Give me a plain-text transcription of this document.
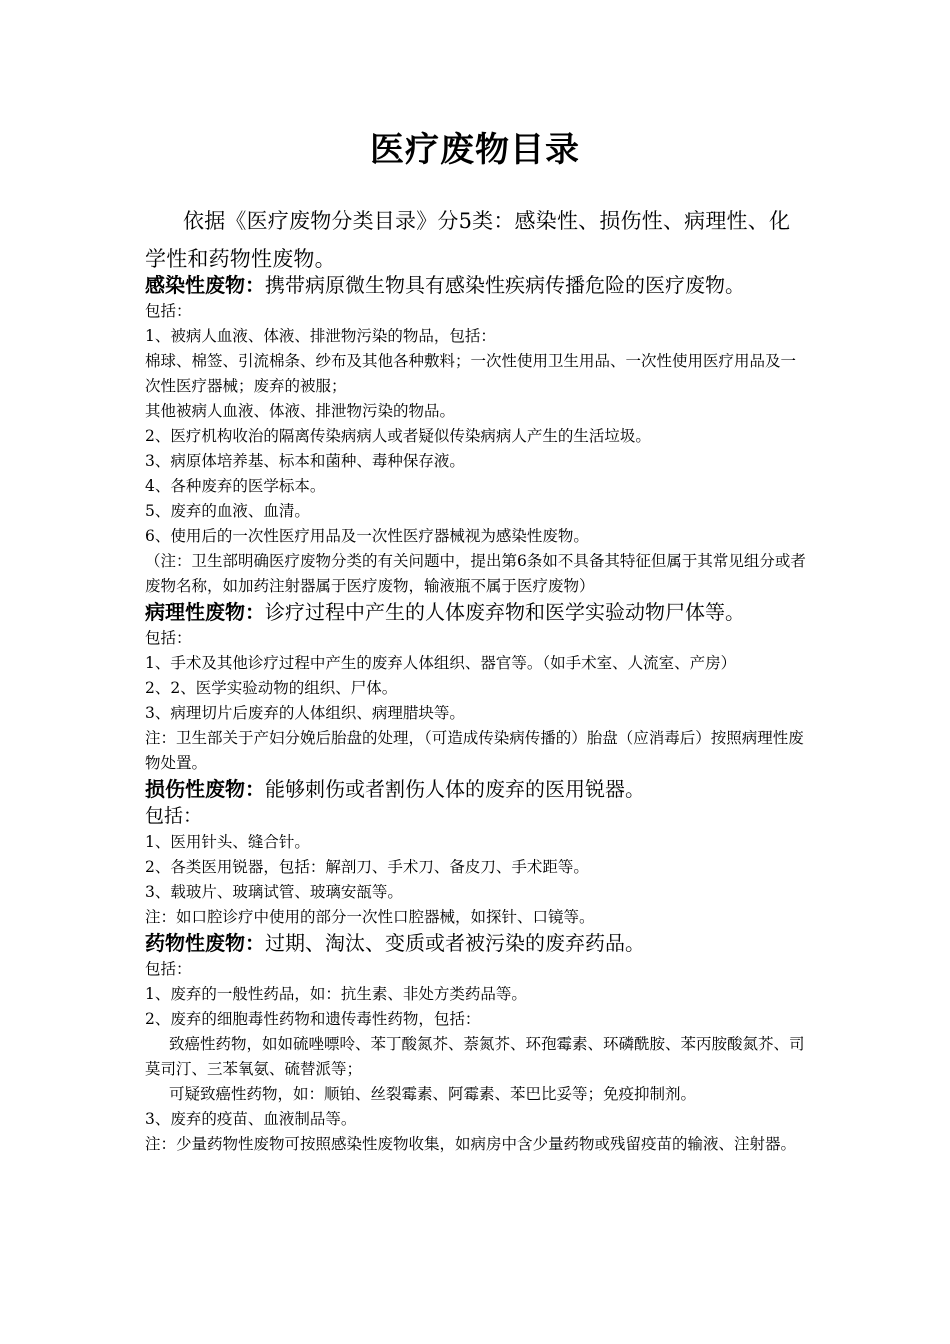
医疗废物目录
依据《医疗废物分类目录》分5类：感染性、损伤性、病理性、化学性和药物性废物。
感染性废物：携带病原微生物具有感染性疾病传播危险的医疗废物。
包括：
1、被病人血液、体液、排泄物污染的物品，包括：
棉球、棉签、引流棉条、纱布及其他各种敷料；一次性使用卫生用品、一次性使用医疗用品及一次性医疗器械；废弃的被服；
其他被病人血液、体液、排泄物污染的物品。
2、医疗机构收治的隔离传染病病人或者疑似传染病病人产生的生活垃圾。
3、病原体培养基、标本和菌种、毒种保存液。
4、各种废弃的医学标本。
5、废弃的血液、血清。
6、使用后的一次性医疗用品及一次性医疗器械视为感染性废物。
（注：卫生部明确医疗废物分类的有关问题中，提出第6条如不具备其特征但属于其常见组分或者废物名称，如加药注射器属于医疗废物，输液瓶不属于医疗废物）
病理性废物：诊疗过程中产生的人体废弃物和医学实验动物尸体等。
包括：
1、手术及其他诊疗过程中产生的废弃人体组织、器官等。（如手术室、人流室、产房）
2、2、医学实验动物的组织、尸体。
3、病理切片后废弃的人体组织、病理腊块等。
注：卫生部关于产妇分娩后胎盘的处理，（可造成传染病传播的）胎盘（应消毒后）按照病理性废物处置。
损伤性废物：能够刺伤或者割伤人体的废弃的医用锐器。
包括：
1、医用针头、缝合针。
2、各类医用锐器，包括：解剖刀、手术刀、备皮刀、手术距等。
3、载玻片、玻璃试管、玻璃安瓿等。
注：如口腔诊疗中使用的部分一次性口腔器械，如探针、口镜等。
药物性废物：过期、淘汰、变质或者被污染的废弃药品。
包括：
1、废弃的一般性药品，如：抗生素、非处方类药品等。
2、废弃的细胞毒性药物和遗传毒性药物，包括：
致癌性药物，如如硫唑嘌呤、苯丁酸氮芥、萘氮芥、环孢霉素、环磷酰胺、苯丙胺酸氮芥、司莫司汀、三苯氧氨、硫替派等；
可疑致癌性药物，如：顺铂、丝裂霉素、阿霉素、苯巴比妥等；免疫抑制剂。
3、废弃的疫苗、血液制品等。
注：少量药物性废物可按照感染性废物收集，如病房中含少量药物或残留疫苗的输液、注射器。
